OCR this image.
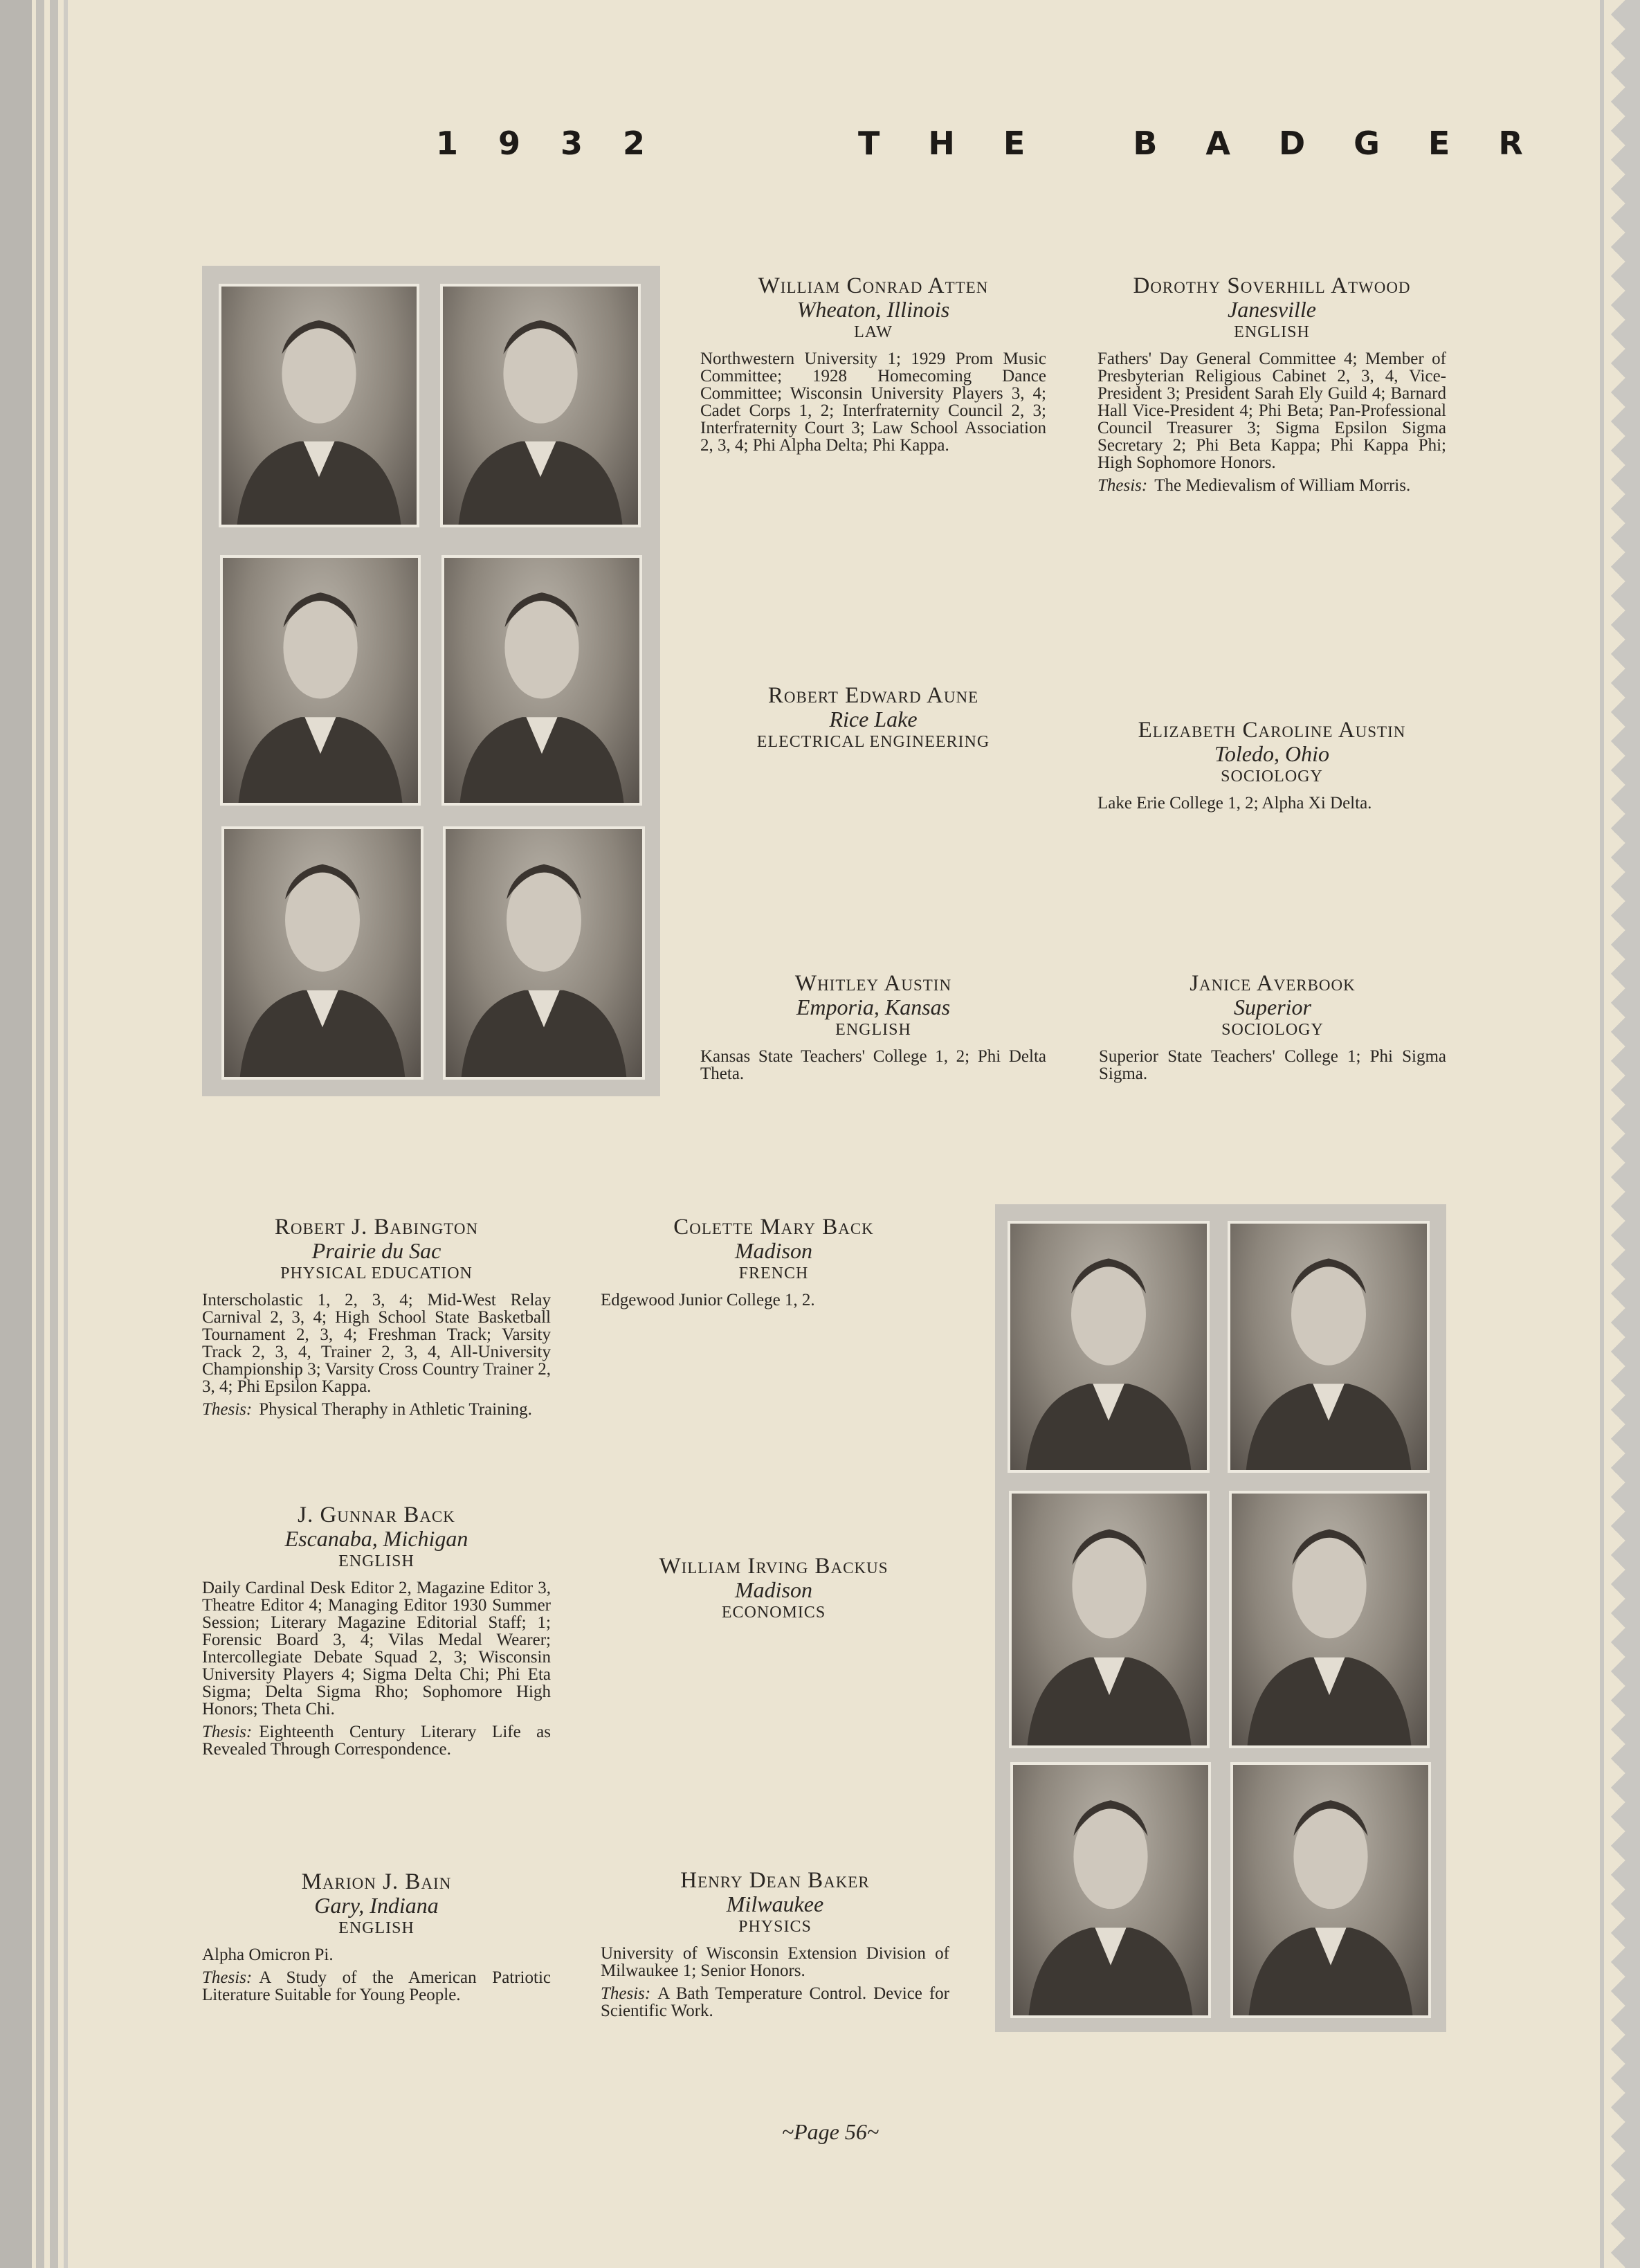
1932	THE BADGER
William Conrad Atten
Wheaton, Illinois
LAW
Northwestern University 1; 1929 Prom Music Committee; 1928 Homecoming Dance Committee; Wisconsin University Players 3, 4; Cadet Corps 1, 2; Interfraternity Council 2, 3; Interfraternity Court 3; Law School Association 2, 3, 4; Phi Alpha Delta; Phi Kappa.
Dorothy Soverhill Atwood
Janesville
ENGLISH
Fathers' Day General Committee 4; Member of Presbyterian Religious Cabinet 2, 3, 4, Vice-President 3; President Sarah Ely Guild 4; Barnard Hall Vice-President 4; Phi Beta; Pan-Professional Council Treasurer 3; Sigma Epsilon Sigma Secretary 2; Phi Beta Kappa; Phi Kappa Phi; High Sophomore Honors.
Thesis: The Medievalism of William Morris.
Robert Edward Aune
Rice Lake
ELECTRICAL ENGINEERING	Elizabeth Caroline Austin
Toledo, Ohio
SOCIOLOGY
Lake Erie College 1, 2; Alpha Xi Delta.
Whitley Austin
Emporia, Kansas
ENGLISH
Kansas State Teachers' College 1, 2; Phi Delta Theta.
Janice Averbook
Superior
SOCIOLOGY
Superior State Teachers' College 1; Phi Sigma Sigma.
Robert J. Babington
Prairie du Sac
PHYSICAL EDUCATION
Interscholastic 1, 2, 3, 4; Mid-West Relay Carnival 2, 3, 4; High School State Basketball Tournament 2, 3, 4; Freshman Track; Varsity Track 2, 3, 4, Trainer 2, 3, 4, All-University Championship 3; Varsity Cross Country Trainer 2, 3, 4; Phi Epsilon Kappa.
Thesis: Physical Theraphy in Athletic Training.
Colette Mary Back
Madison
FRENCH
Edgewood Junior College 1, 2.
J. Gunnar Back
Escanaba, Michigan
ENGLISH
Daily Cardinal Desk Editor 2, Magazine Editor 3, Theatre Editor 4; Managing Editor 1930 Summer Session; Literary Magazine Editorial Staff; 1; Forensic Board 3, 4; Vilas Medal Wearer; Intercollegiate Debate Squad 2, 3; Wisconsin University Players 4; Sigma Delta Chi; Phi Eta Sigma; Delta Sigma Rho; Sophomore High Honors; Theta Chi.
Thesis: Eighteenth Century Literary Life as Revealed Through Correspondence.
William Irving Backus
Madison
ECONOMICS
Marion J. Bain
Gary, Indiana
ENGLISH
Alpha Omicron Pi.
Thesis: A Study of the American Patriotic Literature Suitable for Young People.
Henry Dean Baker
Milwaukee
PHYSICS
University of Wisconsin Extension Division of Milwaukee 1; Senior Honors.
Thesis: A Bath Temperature Control. Device for Scientific Work.
~Page 56~
